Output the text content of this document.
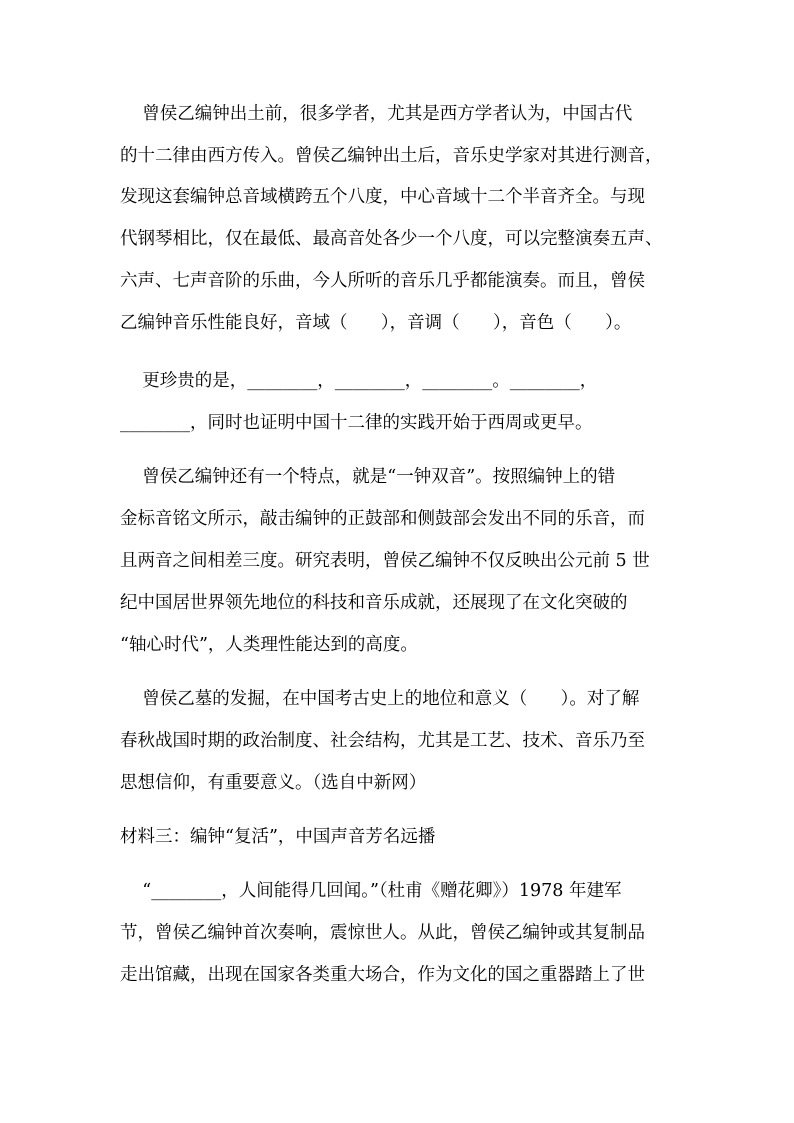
曾侯乙编钟出土前，很多学者，尤其是西方学者认为，中国古代
的十二律由西方传入。曾侯乙编钟出土后，音乐史学家对其进行测音，
发现这套编钟总音域横跨五个八度，中心音域十二个半音齐全。与现
代钢琴相比，仅在最低、最高音处各少一个八度，可以完整演奏五声、
六声、七声音阶的乐曲，今人所听的音乐几乎都能演奏。而且，曾侯
乙编钟音乐性能良好，音域（      ），音调（      ），音色（      ）。
更珍贵的是，________，________，________。________，
________，同时也证明中国十二律的实践开始于西周或更早。
曾侯乙编钟还有一个特点，就是“一钟双音”。按照编钟上的错
金标音铭文所示，敲击编钟的正鼓部和侧鼓部会发出不同的乐音，而
且两音之间相差三度。研究表明，曾侯乙编钟不仅反映出公元前 5 世
纪中国居世界领先地位的科技和音乐成就，还展现了在文化突破的
“轴心时代”，人类理性能达到的高度。
曾侯乙墓的发掘，在中国考古史上的地位和意义（      ）。对了解
春秋战国时期的政治制度、社会结构，尤其是工艺、技术、音乐乃至
思想信仰，有重要意义。（选自中新网）
材料三：编钟“复活”，中国声音芳名远播
“________，人间能得几回闻。”（杜甫《赠花卿》）1978 年建军
节，曾侯乙编钟首次奏响，震惊世人。从此，曾侯乙编钟或其复制品
走出馆藏，出现在国家各类重大场合，作为文化的国之重器踏上了世
